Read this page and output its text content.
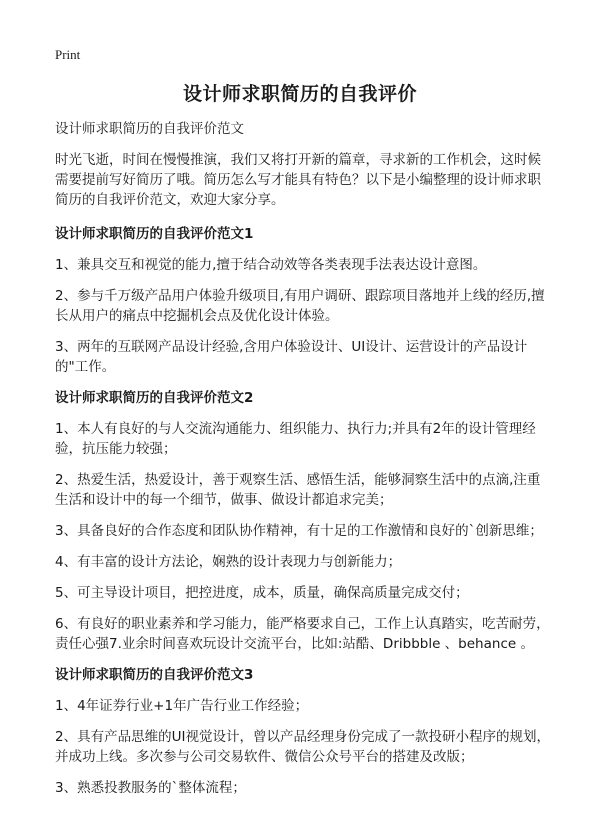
Print
设计师求职简历的自我评价

设计师求职简历的自我评价范文

时光飞逝，时间在慢慢推演，我们又将打开新的篇章，寻求新的工作机会，这时候需要提前写好简历了哦。简历怎么写才能具有特色？以下是小编整理的设计师求职简历的自我评价范文，欢迎大家分享。

设计师求职简历的自我评价范文1

1、兼具交互和视觉的能力,擅于结合动效等各类表现手法表达设计意图。

2、参与千万级产品用户体验升级项目,有用户调研、跟踪项目落地并上线的经历,擅长从用户的痛点中挖掘机会点及优化设计体验。

3、两年的互联网产品设计经验,含用户体验设计、UI设计、运营设计的产品设计的"工作。

设计师求职简历的自我评价范文2

1、本人有良好的与人交流沟通能力、组织能力、执行力;并具有2年的设计管理经验，抗压能力较强；

2、热爱生活，热爱设计，善于观察生活、感悟生活，能够洞察生活中的点滴,注重生活和设计中的每一个细节，做事、做设计都追求完美；

3、具备良好的合作态度和团队协作精神，有十足的工作激情和良好的`创新思维；

4、有丰富的设计方法论，娴熟的设计表现力与创新能力；

5、可主导设计项目，把控进度，成本，质量，确保高质量完成交付；

6、有良好的职业素养和学习能力，能严格要求自己，工作上认真踏实，吃苦耐劳，责任心强7.业余时间喜欢玩设计交流平台，比如:站酷、Dribbble 、behance 。

设计师求职简历的自我评价范文3

1、4年证券行业+1年广告行业工作经验；

2、具有产品思维的UI视觉设计，曾以产品经理身份完成了一款投研小程序的规划，并成功上线。多次参与公司交易软件、微信公众号平台的搭建及改版；

3、熟悉投教服务的`整体流程；
